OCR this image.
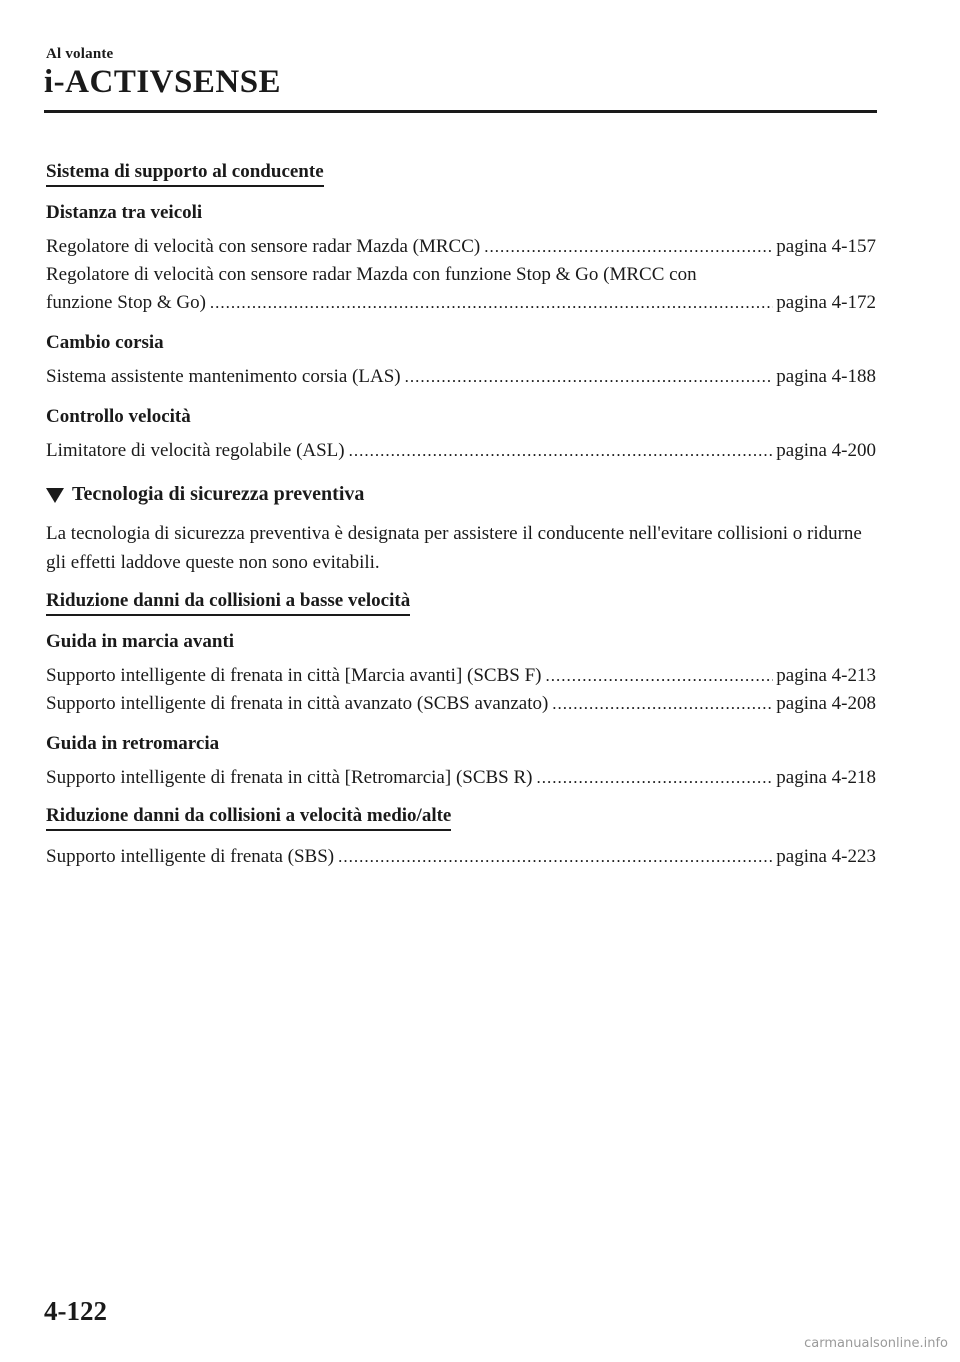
Al volante
i-ACTIVSENSE
Sistema di supporto al conducente
Distanza tra veicoli
Regolatore di velocità con sensore radar Mazda (MRCC) .....	pagina 4-157
Regolatore di velocità con sensore radar Mazda con funzione Stop & Go (MRCC con
funzione Stop & Go) .....	pagina 4-172
Cambio corsia
Sistema assistente mantenimento corsia (LAS) .....	pagina 4-188
Controllo velocità
Limitatore di velocità regolabile (ASL) .....	pagina 4-200
Tecnologia di sicurezza preventiva
La tecnologia di sicurezza preventiva è designata per assistere il conducente nell'evitare collisioni o ridurne gli effetti laddove queste non sono evitabili.
Riduzione danni da collisioni a basse velocità
Guida in marcia avanti
Supporto intelligente di frenata in città [Marcia avanti] (SCBS F) .....	pagina 4-213
Supporto intelligente di frenata in città avanzato (SCBS avanzato) .....	pagina 4-208
Guida in retromarcia
Supporto intelligente di frenata in città [Retromarcia] (SCBS R) .....	pagina 4-218
Riduzione danni da collisioni a velocità medio/alte
Supporto intelligente di frenata (SBS) .....	pagina 4-223
4-122
carmanualsonline.info
